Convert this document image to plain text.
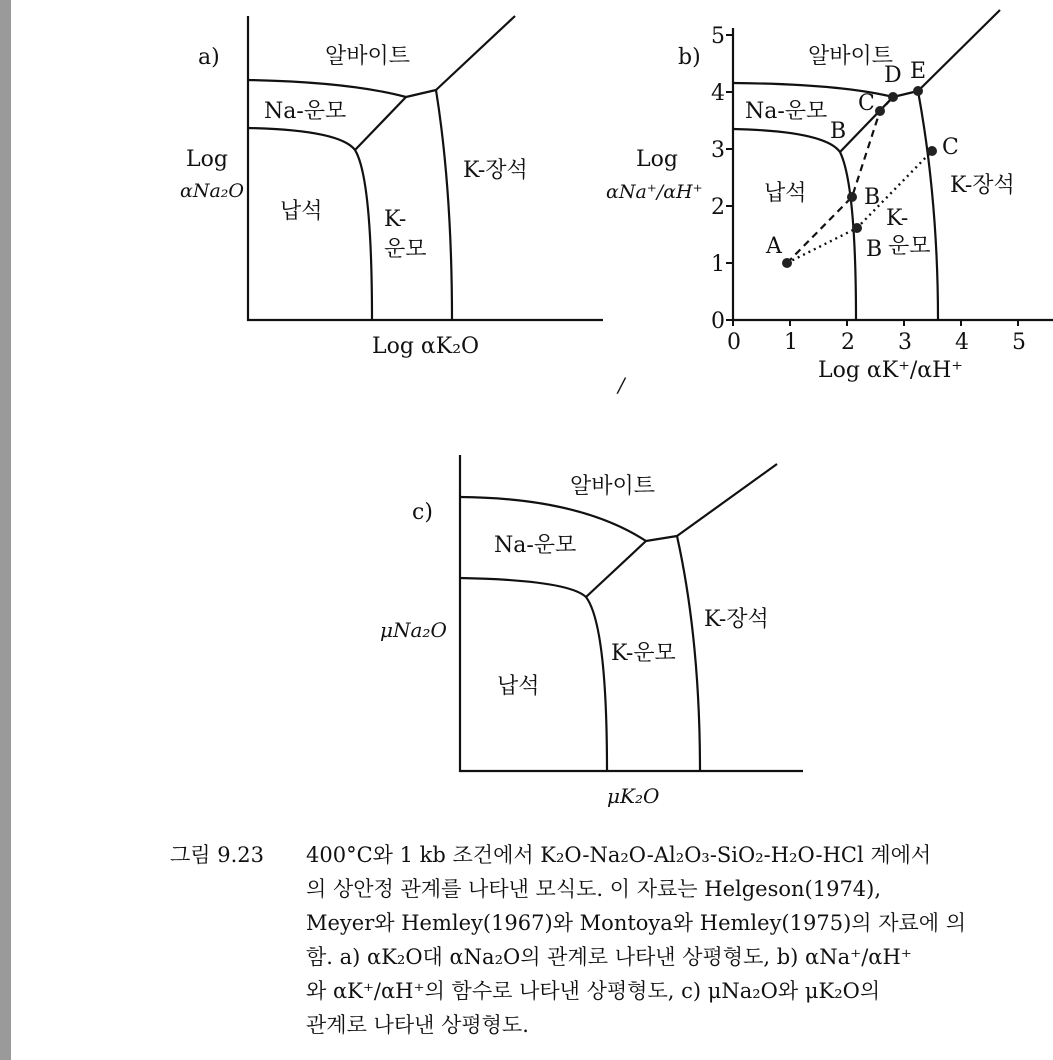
a)	알바이트
Na-운모
납석	K-
운모
K-장석
Log
αNa₂O
Log αK₂O
b)
0
1
2
3
4
5
0 1 2 3 4 5
A
B
B
B
C
D E
C
알바이트
Na-운모
납석
K-
운모
K-장석
Log
αNa⁺/αH⁺
Log αK⁺/αH⁺
/
c)
알바이트
Na-운모
납석
K-운모
K-장석
μNa₂O
μK₂O
그림 9.23 400°C와 1 kb 조건에서 K₂O-Na₂O-Al₂O₃-SiO₂-H₂O-HCl 계에서
의 상안정 관계를 나타낸 모식도. 이 자료는 Helgeson(1974),
Meyer와 Hemley(1967)와 Montoya와 Hemley(1975)의 자료에 의
함. a) αK₂O대 αNa₂O의 관계로 나타낸 상평형도, b) αNa⁺/αH⁺
와 αK⁺/αH⁺의 함수로 나타낸 상평형도, c) μNa₂O와 μK₂O의
관계로 나타낸 상평형도.
